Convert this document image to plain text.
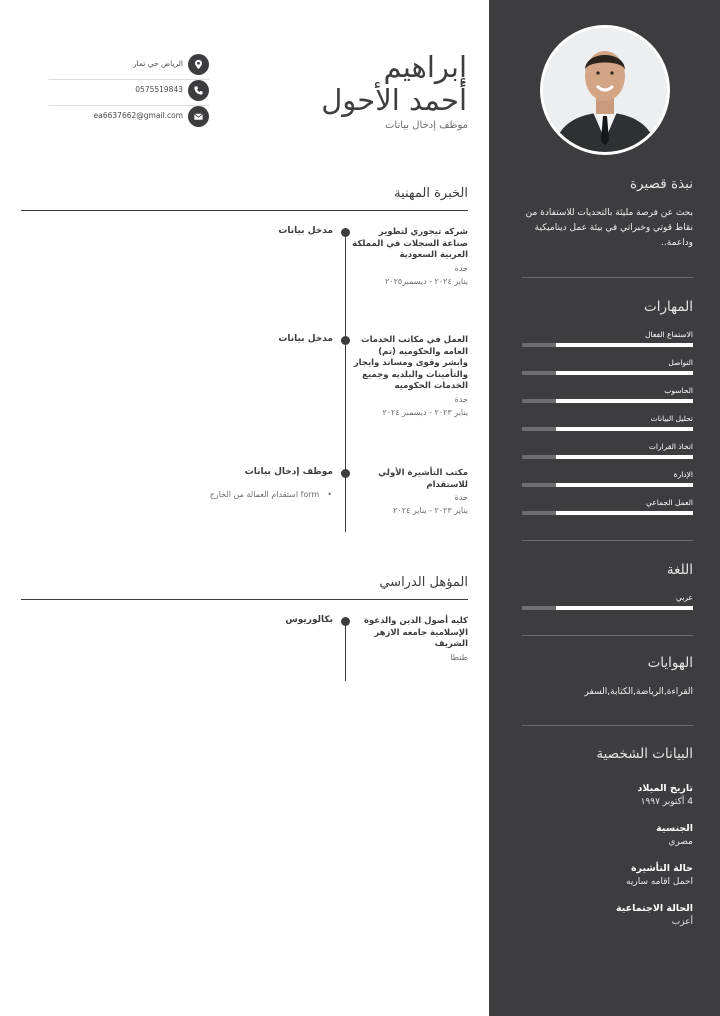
نبذة قصيرة
بحث عن فرصة مليئة بالتحديات للاستفادة من نقاط قوتي وخبراتي في بيئة عمل ديناميكية وداعمة..
المهارات
الاستماع الفعال
التواصل
الحاسوب
تحليل البيانات
اتخاذ القرارات
الإدارة
العمل الجماعي
اللغة
عربي
الهوايات
القراءة,الرياضة,الكتابة,السفر
البيانات الشخصية
تاريخ الميلاد
4 أكتوبر ١٩٩٧
الجنسية
مصري
حالة التأشيرة
احمل اقامه ساريه
الحالة الاجتماعية
أعزب
إبراهيم
أحمد الأحول
موظف إدخال بيانات
الرياض حي تمار
0575519843
ea6637662@gmail.com
الخبرة المهنية
شركه تيجوري لتطوير صناعة السجلات في المملكة العربية السعودية
جدة
يناير ٢٠٢٤ - ديسمبر٢٠٢٥
مدخل بيانات
العمل في مكاتب الخدمات العامه والحكوميه (تم) وابشر وقوى ومساند وايجار والتأمينات والبلديه وجميع الخدمات الحكوميه
جدة
يناير ٢٠٢٣ - ديسمبر ٢٠٢٤
مدخل بيانات
مكتب التأشيرة الأولي للاستقدام
جدة
يناير ٢٠٢٣ - يناير ٢٠٢٤
موظف إدخال بيانات
•form استقدام العمالة من الخارج
المؤهل الدراسي
كليه أصول الدين والدعوة الإسلامية جامعه الازهر الشريف
طنطا
بكالوريوس
